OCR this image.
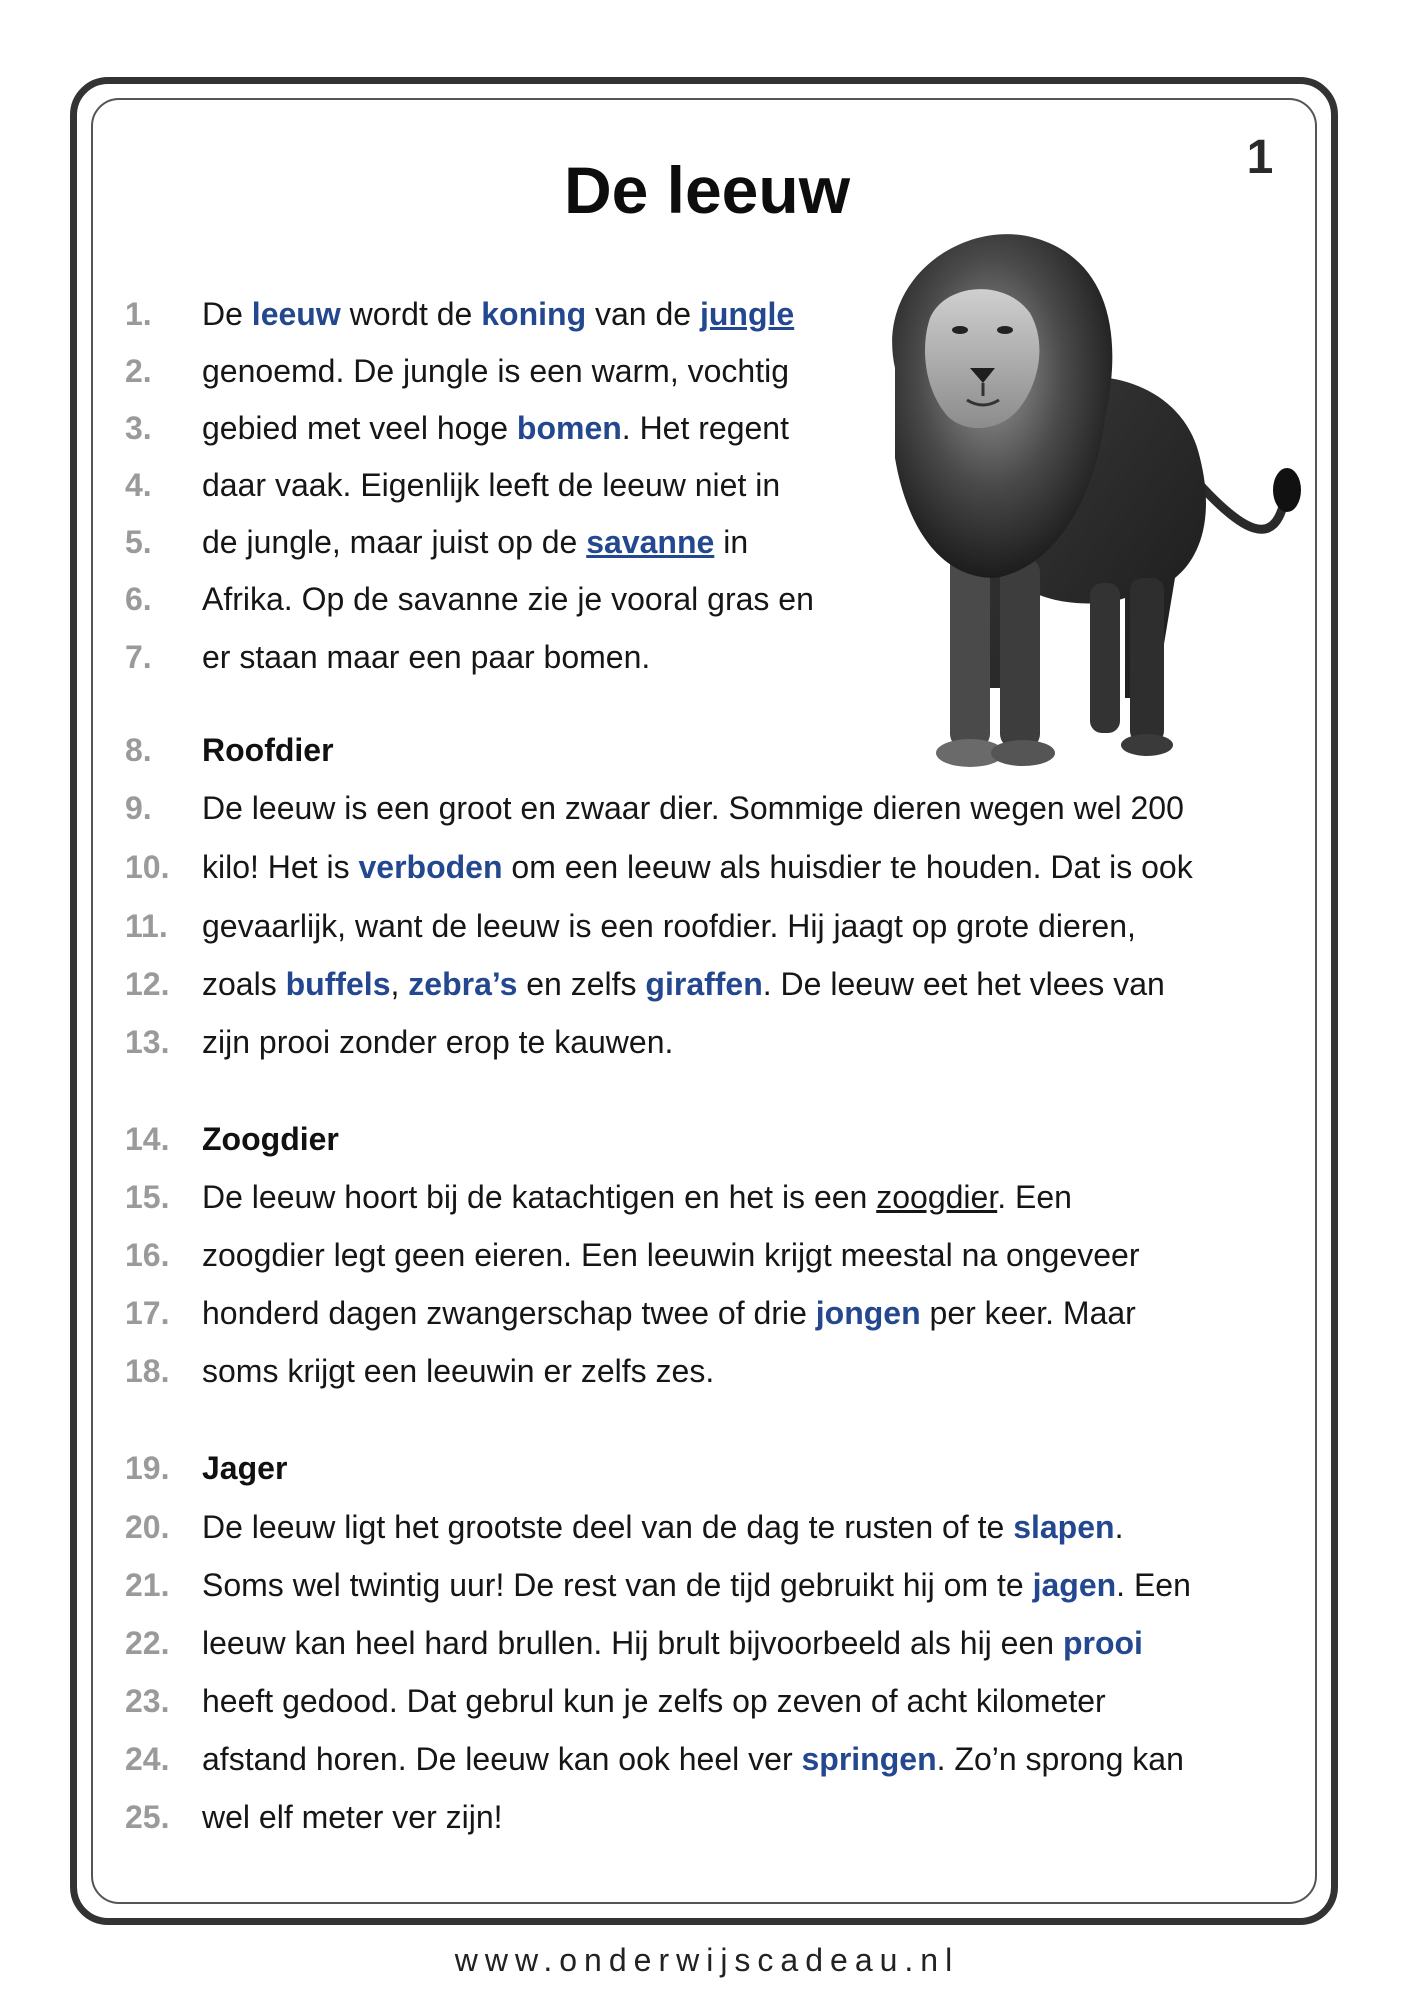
De leeuw	1
1.	De leeuw wordt de koning van de jungle
2.	genoemd. De jungle is een warm, vochtig
3.	gebied met veel hoge bomen. Het regent
4.	daar vaak. Eigenlijk leeft de leeuw niet in
5.	de jungle, maar juist op de savanne in
6.	Afrika. Op de savanne zie je vooral gras en
7.	er staan maar een paar bomen.
8.	Roofdier
9.	De leeuw is een groot en zwaar dier. Sommige dieren wegen wel 200
10.	kilo! Het is verboden om een leeuw als huisdier te houden. Dat is ook
11.	gevaarlijk, want de leeuw is een roofdier. Hij jaagt op grote dieren,
12.	zoals buffels, zebra’s en zelfs giraffen. De leeuw eet het vlees van
13.	zijn prooi zonder erop te kauwen.
14.	Zoogdier
15.	De leeuw hoort bij de katachtigen en het is een zoogdier. Een
16.	zoogdier legt geen eieren. Een leeuwin krijgt meestal na ongeveer
17.	honderd dagen zwangerschap twee of drie jongen per keer. Maar
18.	soms krijgt een leeuwin er zelfs zes.
19.	Jager
20.	De leeuw ligt het grootste deel van de dag te rusten of te slapen.
21.	Soms wel twintig uur! De rest van de tijd gebruikt hij om te jagen. Een
22.	leeuw kan heel hard brullen. Hij brult bijvoorbeeld als hij een prooi
23.	heeft gedood. Dat gebrul kun je zelfs op zeven of acht kilometer
24.	afstand horen. De leeuw kan ook heel ver springen. Zo’n sprong kan
25.	wel elf meter ver zijn!
www.onderwijscadeau.nl
